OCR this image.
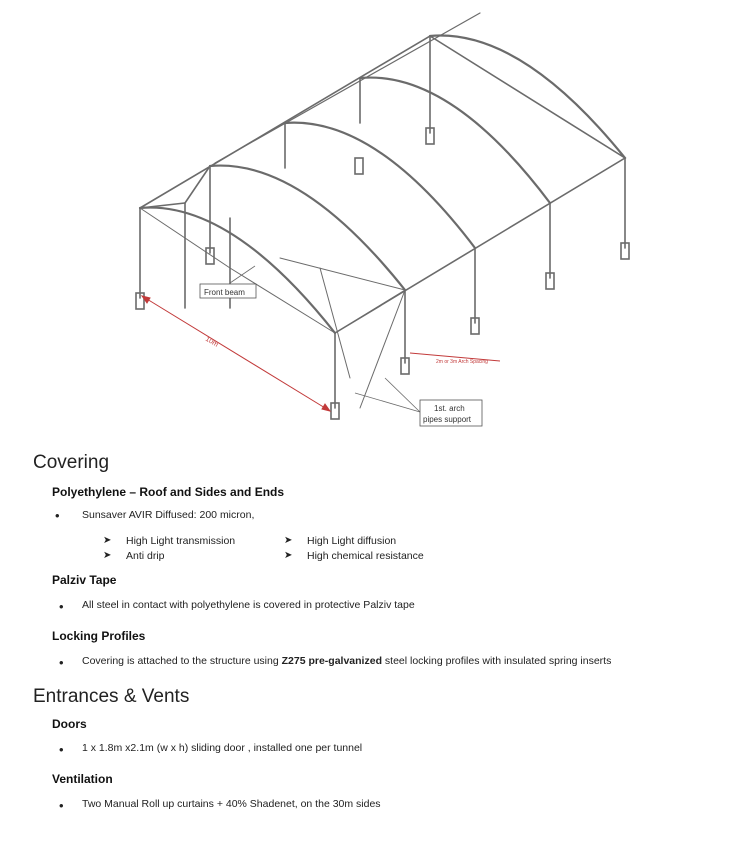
10m
2m or 3m Arch Spacing
Front beam
1st. arch
pipes support
Covering
Polyethylene – Roof and Sides and Ends
• Sunsaver AVIR Diffused: 200 micron,
➤ High Light transmission
➤ Anti drip
➤ High Light diffusion
➤ High chemical resistance
Palziv Tape
• All steel in contact with polyethylene is covered in protective Palziv tape
Locking Profiles
• Covering is attached to the structure using Z275 pre-galvanized steel locking profiles with insulated spring inserts
Entrances & Vents
Doors
• 1 x 1.8m x2.1m (w x h) sliding door , installed one per tunnel
Ventilation
• Two Manual Roll up curtains + 40% Shadenet, on the 30m sides
